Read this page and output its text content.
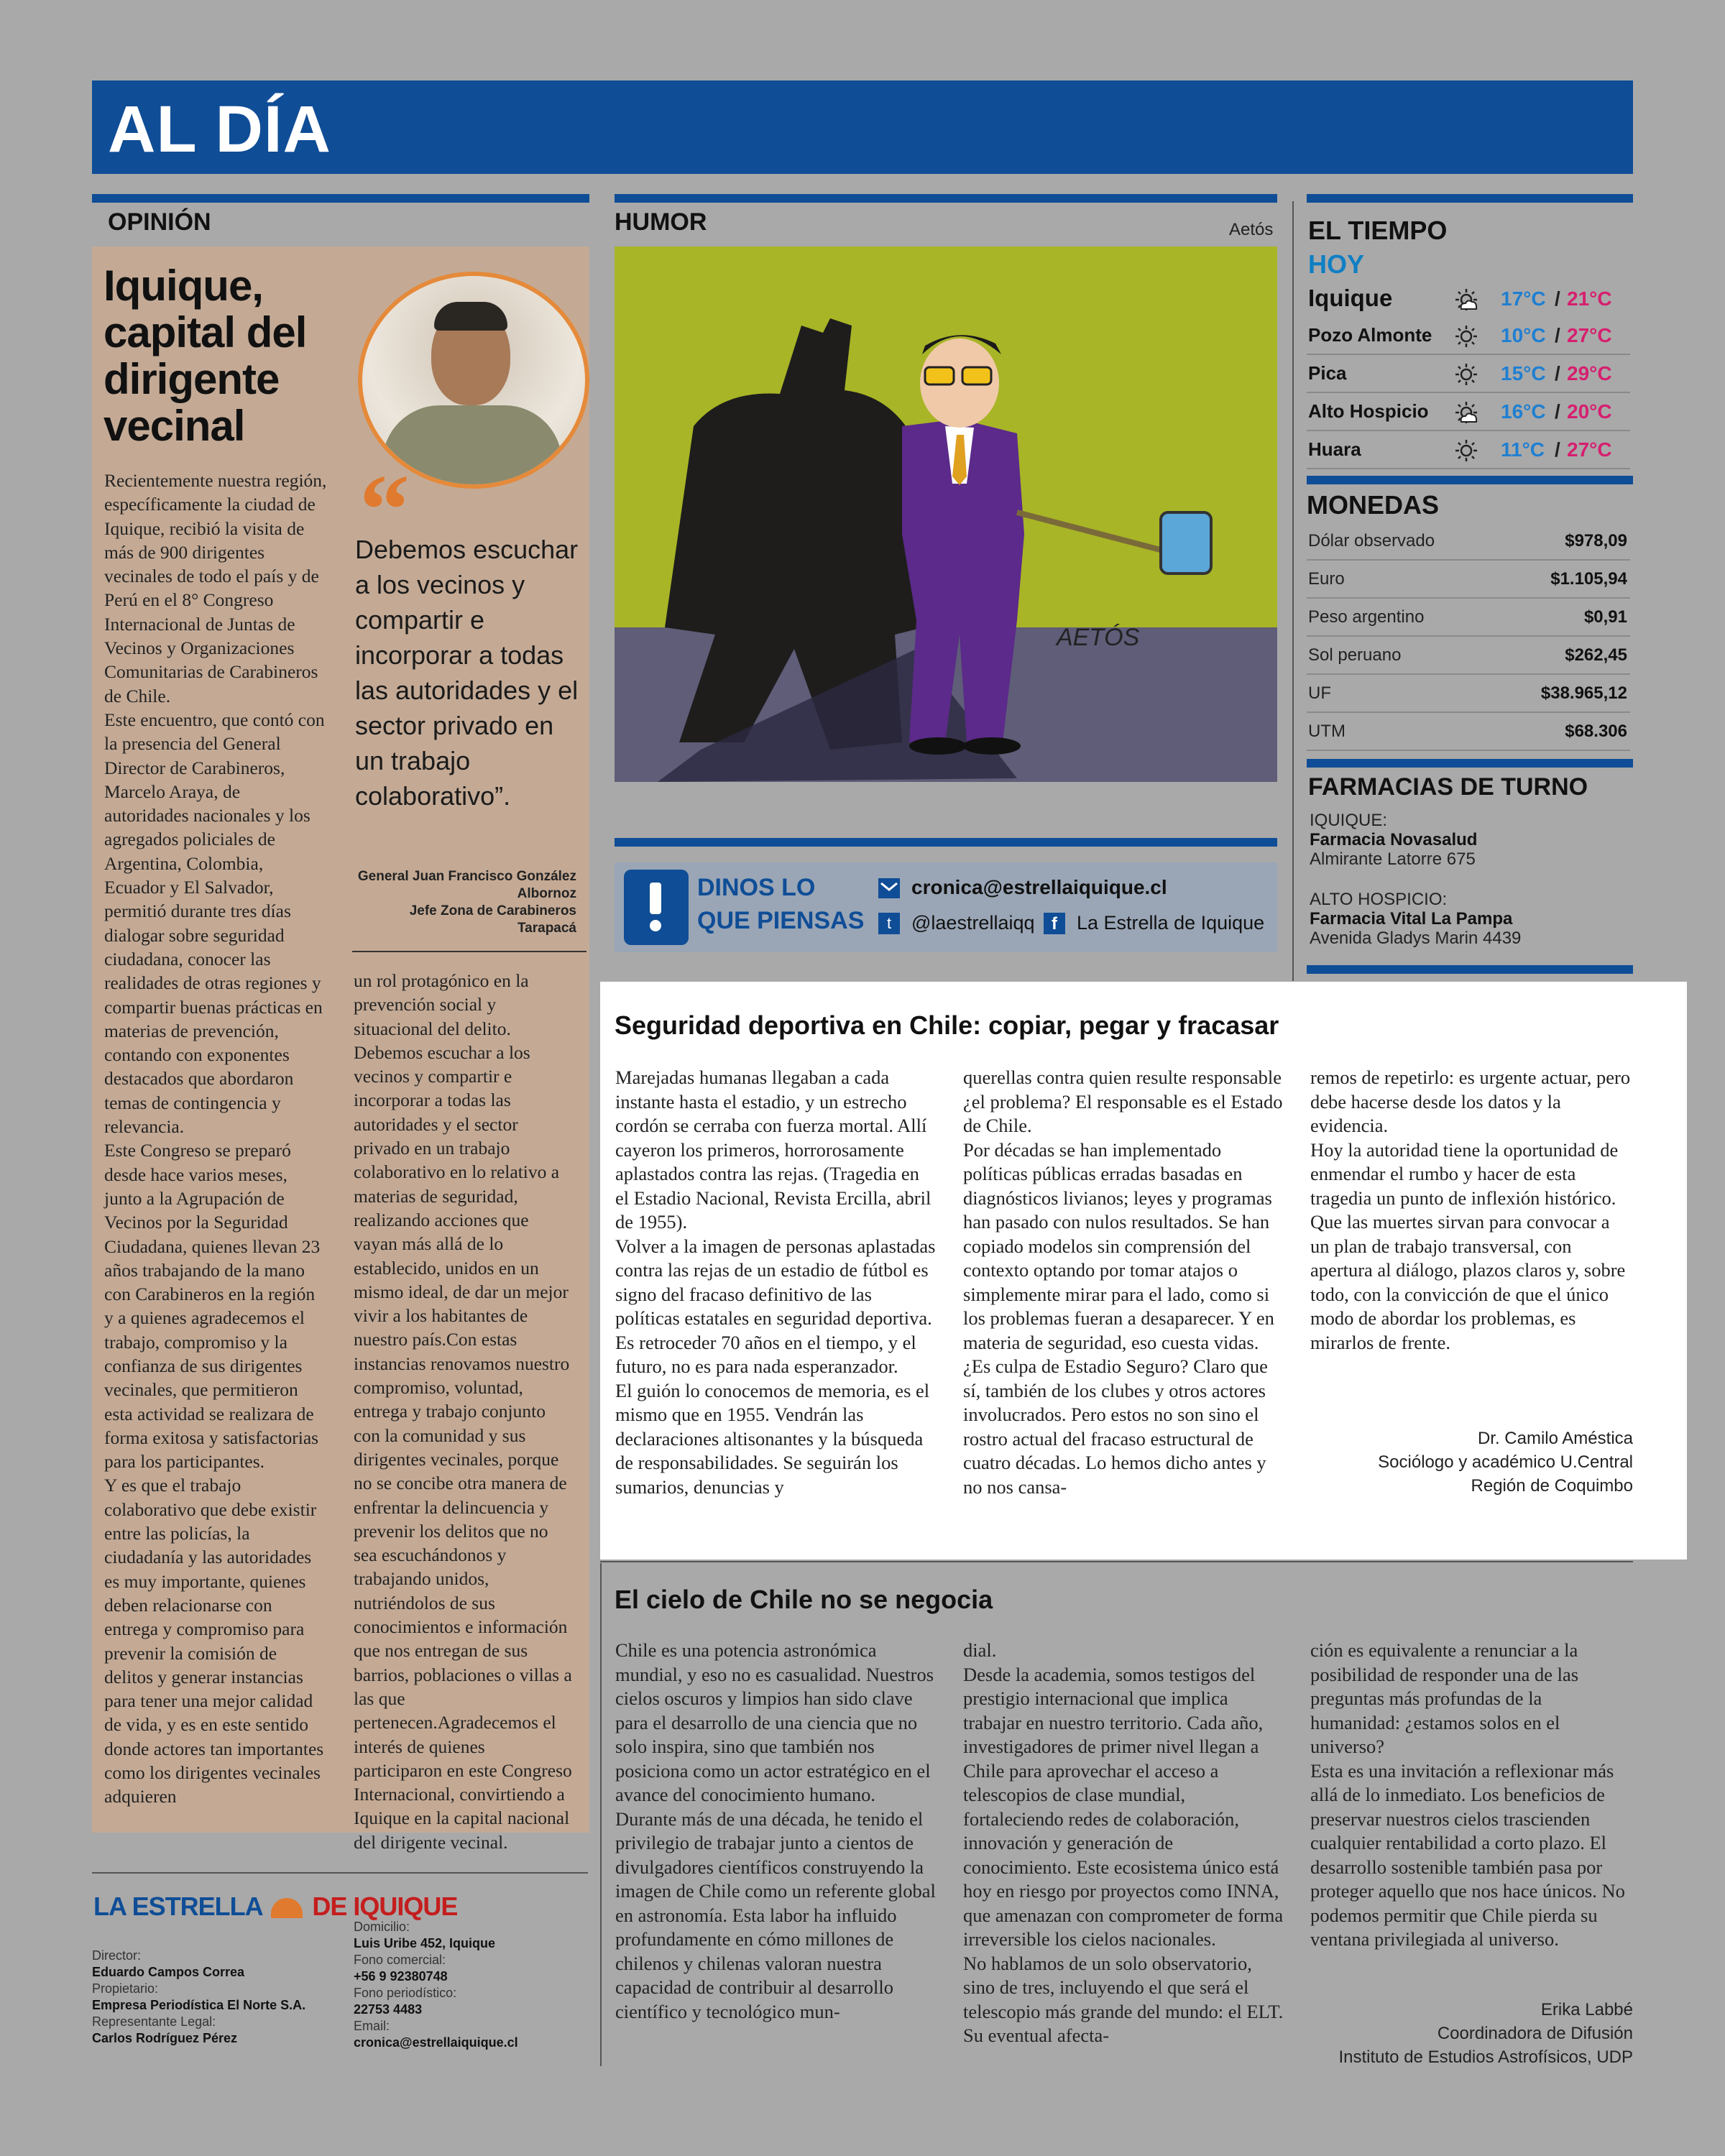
AL DÍA
OPINIÓN
Iquique, capital del dirigente vecinal
“
Debemos escuchar a los vecinos y compartir e incorporar a todas las autoridades y el sector privado en un trabajo colaborativo”.
General Juan Francisco González Albornoz
Jefe Zona de Carabineros Tarapacá

Recientemente nuestra región, específicamente la ciudad de Iquique, recibió la visita de más de 900 dirigentes vecinales de todo el país y de Perú en el 8° Congreso Internacional de Juntas de Vecinos y Organizaciones Comunitarias de Carabineros de Chile.

Este encuentro, que contó con la presencia del General Director de Carabineros, Marcelo Araya, de autoridades nacionales y los agregados policiales de Argentina, Colombia, Ecuador y El Salvador, permitió durante tres días dialogar sobre seguridad ciudadana, conocer las realidades de otras regiones y compartir buenas prácticas en materias de prevención, contando con exponentes destacados que abordaron temas de contingencia y relevancia.

Este Congreso se preparó desde hace varios meses, junto a la Agrupación de Vecinos por la Seguridad Ciudadana, quienes llevan 23 años trabajando de la mano con Carabineros en la región y a quienes agradecemos el trabajo, compromiso y la confianza de sus dirigentes vecinales, que permitieron esta actividad se realizara de forma exitosa y satisfactorias para los participantes.

Y es que el trabajo colaborativo que debe existir entre las policías, la ciudadanía y las autoridades es muy importante, quienes deben relacionarse con entrega y compromiso para prevenir la comisión de delitos y generar instancias para tener una mejor calidad de vida, y es en este sentido donde actores tan importantes como los dirigentes vecinales adquieren

un rol protagónico en la prevención social y situacional del delito.

Debemos escuchar a los vecinos y compartir e incorporar a todas las autoridades y el sector privado en un trabajo colaborativo en lo relativo a materias de seguridad, realizando acciones que vayan más allá de lo establecido, unidos en un mismo ideal, de dar un mejor vivir a los habitantes de nuestro país.Con estas instancias renovamos nuestro compromiso, voluntad, entrega y trabajo conjunto con la comunidad y sus dirigentes vecinales, porque no se concibe otra manera de enfrentar la delincuencia y prevenir los delitos que no sea escuchándonos y trabajando unidos, nutriéndolos de sus conocimientos e información que nos entregan de sus barrios, poblaciones o villas a las que pertenecen.Agradecemos el interés de quienes participaron en este Congreso Internacional, convirtiendo a Iquique en la capital nacional del dirigente vecinal.

HUMOR	Aetós
AETÓS
DINOS LO QUE PIENSAS
cronica@estrellaiquique.cl
t	@laestrellaiqq f	La Estrella de Iquique
EL TIEMPO
HOY
Iquique	17°C / 21°C
Pozo Almonte	10°C / 27°C
Pica	15°C / 29°C
Alto Hospicio	16°C / 20°C
Huara	11°C / 27°C
MONEDAS
Dólar observado	$978,09
Euro	$1.105,94
Peso argentino	$0,91
Sol peruano	$262,45
UF	$38.965,12
UTM	$68.306
FARMACIAS DE TURNO
IQUIQUE:
Farmacia Novasalud
Almirante Latorre 675
ALTO HOSPICIO:
Farmacia Vital La Pampa
Avenida Gladys Marin 4439
Seguridad deportiva en Chile: copiar, pegar y fracasar

Marejadas humanas llegaban a cada instante hasta el estadio, y un estrecho cordón se cerraba con fuerza mortal. Allí cayeron los primeros, horrorosamente aplastados contra las rejas. (Tragedia en el Estadio Nacional, Revista Ercilla, abril de 1955).

Volver a la imagen de personas aplastadas contra las rejas de un estadio de fútbol es signo del fracaso definitivo de las políticas estatales en seguridad deportiva. Es retroceder 70 años en el tiempo, y el futuro, no es para nada esperanzador.

El guión lo conocemos de memoria, es el mismo que en 1955. Vendrán las declaraciones altisonantes y la búsqueda de responsabilidades. Se seguirán los sumarios, denuncias y

querellas contra quien resulte responsable ¿el problema? El responsable es el Estado de Chile.

Por décadas se han implementado políticas públicas erradas basadas en diagnósticos livianos; leyes y programas han pasado con nulos resultados. Se han copiado modelos sin comprensión del contexto optando por tomar atajos o simplemente mirar para el lado, como si los problemas fueran a desaparecer. Y en materia de seguridad, eso cuesta vidas.

¿Es culpa de Estadio Seguro? Claro que sí, también de los clubes y otros actores involucrados. Pero estos no son sino el rostro actual del fracaso estructural de cuatro décadas. Lo hemos dicho antes y no nos cansa-

remos de repetirlo: es urgente actuar, pero debe hacerse desde los datos y la evidencia.

Hoy la autoridad tiene la oportunidad de enmendar el rumbo y hacer de esta tragedia un punto de inflexión histórico. Que las muertes sirvan para convocar a un plan de trabajo transversal, con apertura al diálogo, plazos claros y, sobre todo, con la convicción de que el único modo de abordar los problemas, es mirarlos de frente.

Dr. Camilo Améstica
Sociólogo y académico U.Central Región de Coquimbo
El cielo de Chile no se negocia

Chile es una potencia astronómica mundial, y eso no es casualidad. Nuestros cielos oscuros y limpios han sido clave para el desarrollo de una ciencia que no solo inspira, sino que también nos posiciona como un actor estratégico en el avance del conocimiento humano.

Durante más de una década, he tenido el privilegio de trabajar junto a cientos de divulgadores científicos construyendo la imagen de Chile como un referente global en astronomía. Esta labor ha influido profundamente en cómo millones de chilenos y chilenas valoran nuestra capacidad de contribuir al desarrollo científico y tecnológico mun-

dial.

Desde la academia, somos testigos del prestigio internacional que implica trabajar en nuestro territorio. Cada año, investigadores de primer nivel llegan a Chile para aprovechar el acceso a telescopios de clase mundial, fortaleciendo redes de colaboración, innovación y generación de conocimiento. Este ecosistema único está hoy en riesgo por proyectos como INNA, que amenazan con comprometer de forma irreversible los cielos nacionales.

No hablamos de un solo observatorio, sino de tres, incluyendo el que será el telescopio más grande del mundo: el ELT. Su eventual afecta-

ción es equivalente a renunciar a la posibilidad de responder una de las preguntas más profundas de la humanidad: ¿estamos solos en el universo?

Esta es una invitación a reflexionar más allá de lo inmediato. Los beneficios de preservar nuestros cielos trascienden cualquier rentabilidad a corto plazo. El desarrollo sostenible también pasa por proteger aquello que nos hace únicos. No podemos permitir que Chile pierda su ventana privilegiada al universo.

Erika Labbé
Coordinadora de Difusión
Instituto de Estudios Astrofísicos, UDP
LA ESTRELLA DE IQUIQUE
Director:
Eduardo Campos Correa
Propietario:
Empresa Periodística El Norte S.A.
Representante Legal:
Carlos Rodríguez Pérez
Domicilio:
Luis Uribe 452, Iquique
Fono comercial:
+56 9 92380748
Fono periodístico:
22753 4483
Email:
cronica@estrellaiquique.cl
